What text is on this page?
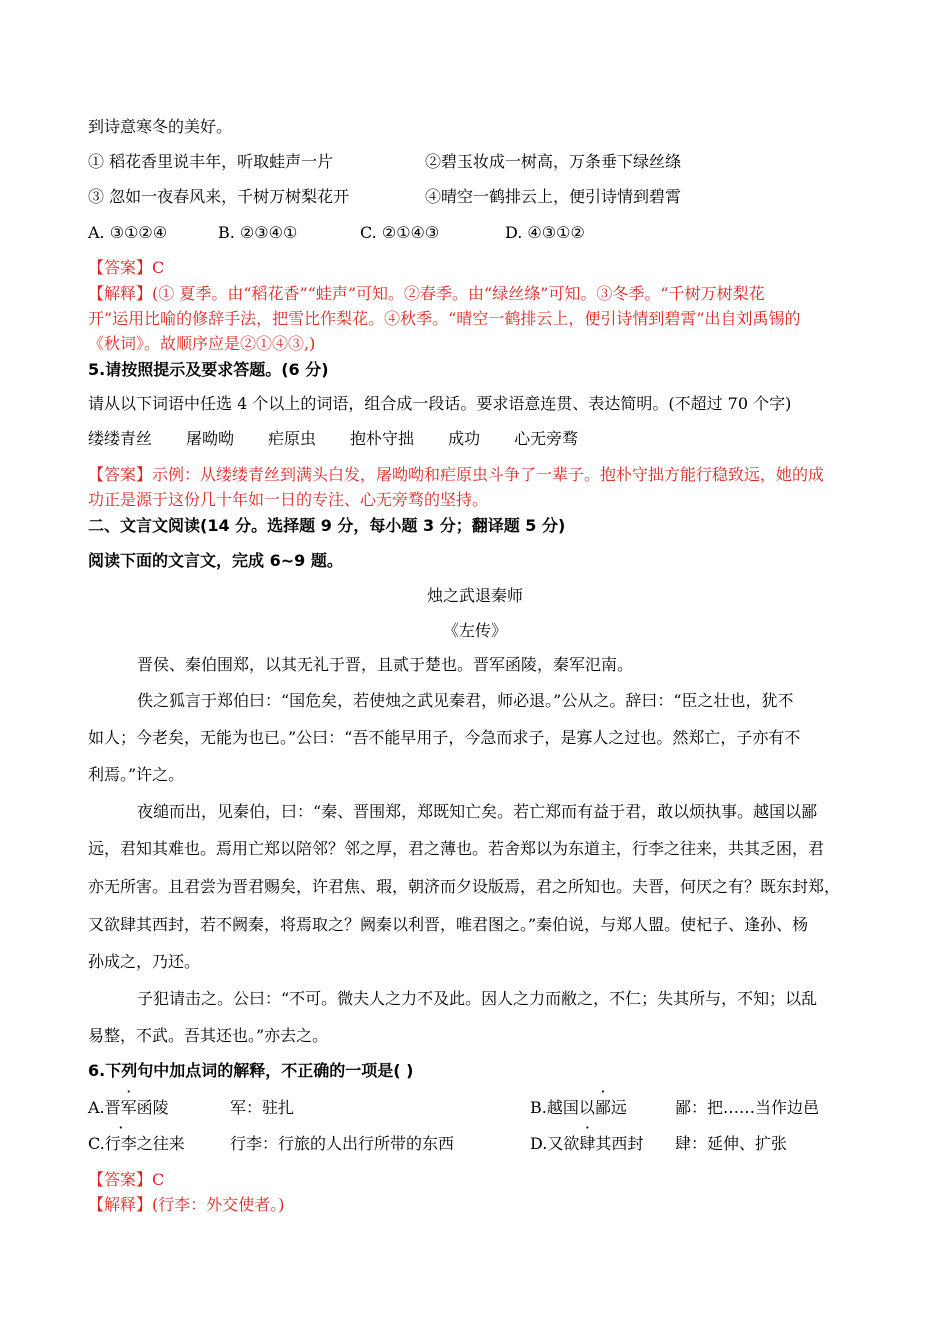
到诗意寒冬的美好。
① 稻花香里说丰年，听取蛙声一片	②碧玉妆成一树高，万条垂下绿丝绦
③ 忽如一夜春风来，千树万树梨花开	④晴空一鹤排云上，便引诗情到碧霄
A. ③①②④	B. ②③④①	C. ②①④③	D. ④③①②
【答案】C
【解释】(① 夏季。由“稻花香”“蛙声”可知。②春季。由“绿丝绦”可知。③冬季。“千树万树梨花
开”运用比喻的修辞手法，把雪比作梨花。④秋季。“晴空一鹤排云上，便引诗情到碧霄”出自刘禹锡的
《秋词》。故顺序应是②①④③,)
5.请按照提示及要求答题。(6 分)
请从以下词语中任选 4 个以上的词语，组合成一段话。要求语意连贯、表达简明。(不超过 70 个字)
缕缕青丝 屠呦呦 疟原虫 抱朴守拙 成功 心无旁骛
【答案】示例：从缕缕青丝到满头白发，屠呦呦和疟原虫斗争了一辈子。抱朴守拙方能行稳致远，她的成
功正是源于这份几十年如一日的专注、心无旁骛的坚持。
二、文言文阅读(14 分。选择题 9 分，每小题 3 分；翻译题 5 分)
阅读下面的文言文，完成 6~9 题。
烛之武退秦师
《左传》
晋侯、秦伯围郑，以其无礼于晋，且贰于楚也。晋军函陵，秦军氾南。
佚之狐言于郑伯曰：“国危矣，若使烛之武见秦君，师必退。”公从之。辞曰：“臣之壮也，犹不
如人；今老矣，无能为也已。”公曰：“吾不能早用子，今急而求子，是寡人之过也。然郑亡，子亦有不
利焉。”许之。
夜缒而出，见秦伯，曰：“秦、晋围郑，郑既知亡矣。若亡郑而有益于君，敢以烦执事。越国以鄙
远，君知其难也。焉用亡郑以陪邻？邻之厚，君之薄也。若舍郑以为东道主，行李之往来，共其乏困，君
亦无所害。且君尝为晋君赐矣，许君焦、瑕，朝济而夕设版焉，君之所知也。夫晋，何厌之有？既东封郑，
又欲肆其西封，若不阙秦，将焉取之？阙秦以利晋，唯君图之。”秦伯说，与郑人盟。使杞子、逢孙、杨
孙成之，乃还。
子犯请击之。公曰：“不可。微夫人之力不及此。因人之力而敝之，不仁；失其所与，不知；以乱
易整，不武。吾其还也。”亦去之。
6.下列句中加点词的解释，不正确的一项是( )
A.晋军函陵	军：驻扎	B.越国以鄙远	鄙：把……当作边邑
C.行李之往来	行李：行旅的人出行所带的东西	D.又欲肆其西封 肆：延伸、扩张
【答案】C
【解释】(行李：外交使者。)
